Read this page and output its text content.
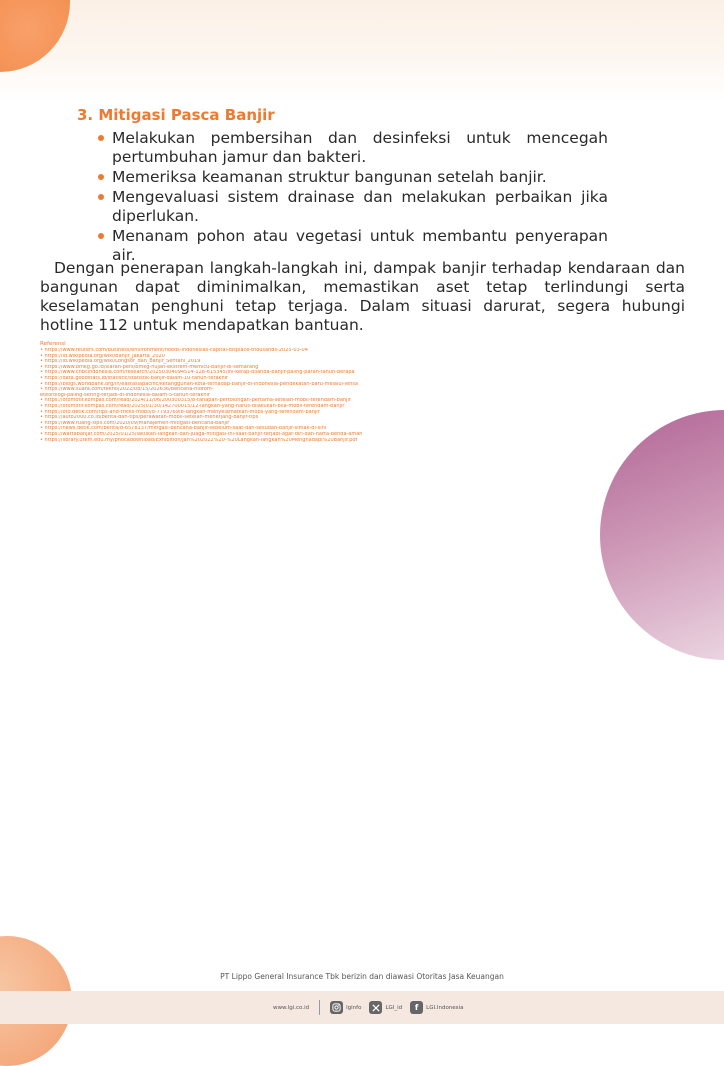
3. Mitigasi Pasca Banjir
Melakukan pembersihan dan desinfeksi untuk mencegah pertumbuhan jamur dan bakteri.
Memeriksa keamanan struktur bangunan setelah banjir.
Mengevaluasi sistem drainase dan melakukan perbaikan jika diperlukan.
Menanam pohon atau vegetasi untuk membantu penyerapan air.

Dengan penerapan langkah-langkah ini, dampak banjir terhadap kendaraan dan bangunan dapat diminimalkan, memastikan aset tetap terlindungi serta keselamatan penghuni tetap terjaga. Dalam situasi darurat, segera hubungi hotline 112 untuk mendapatkan bantuan.

Referensi
• https://www.reuters.com/business/environment/floods-indonesias-capital-displace-thousands-2025-03-04
• https://id.wikipedia.org/wiki/Banjir_Jakarta_2020
• https://id.wikipedia.org/wiki/Longsor_dan_banjir_Sentani_2019
• https://www.bmkg.go.id/siaran-pers/bmkg-hujan-ekstrem-memicu-banjir-di-semarang
• https://www.cnbcindonesia.com/research/20250304094514-128-615345/ini-kerap-dilanda-banjir-paling-parah-tahun-berapa
• https://data.goodstats.id/statistic/statistik-banjir-dalam-10-tahun-terakhir
• https://blogs.worldbank.org/in/eastasiapacific/ketangguhan-kota-terhadap-banjir-di-indonesia-pendekatan-baru-melalui-lensa
• https://www.suara.com/tekno/2022/08/15/202636/bencana-hidrom-
eteorologi-paling-sering-terjadi-di-indonesia-dalam-5-tahun-terakhir
• https://otomotif.kompas.com/read/2024/11/06/200300315/8-tahapan-pertolongan-pertama-setelah-mobil-terendam-banjir
• https://otomotif.kompas.com/read/2025/01/30/142700015/12-langkah-yang-harus-dilakukan-bila-mobil-terendam-banjir
• https://oto.detik.com/tips-and-tricks-mobil/d-7793769/8-langkah-menyelamatkan-mobil-yang-terendam-banjir
• https://auto2000.co.id/berita-dan-tips/perawatan-mobil-setelah-menerjang-banjir-tips
• https://www.ruang-sipil.com/2020/09/manajemen-mitigasi-bencana-banjir
• https://news.detik.com/berita/d-6578137/mitigasi-bencana-banjir-sebelum-saat-dan-sesudah-banjir-simak-di-sini
• https://wartabanjar.com/2025/01/25/lakukan-langkah-dan-juaga-mitigasi-ini-saat-banjir-terjadi-agar-diri-dan-harta-benda-aman
• https://library.utem.edu.my/phocadownload/Exhibition/Jan%202022%20-%20Langkah-langkah%20Menghadapi%20Banjir.pdf
PT Lippo General Insurance Tbk berizin dan diawasi Otoritas Jasa Keuangan
www.lgi.co.id	lginfo	LGI_id	f	LGI.Indonesia
